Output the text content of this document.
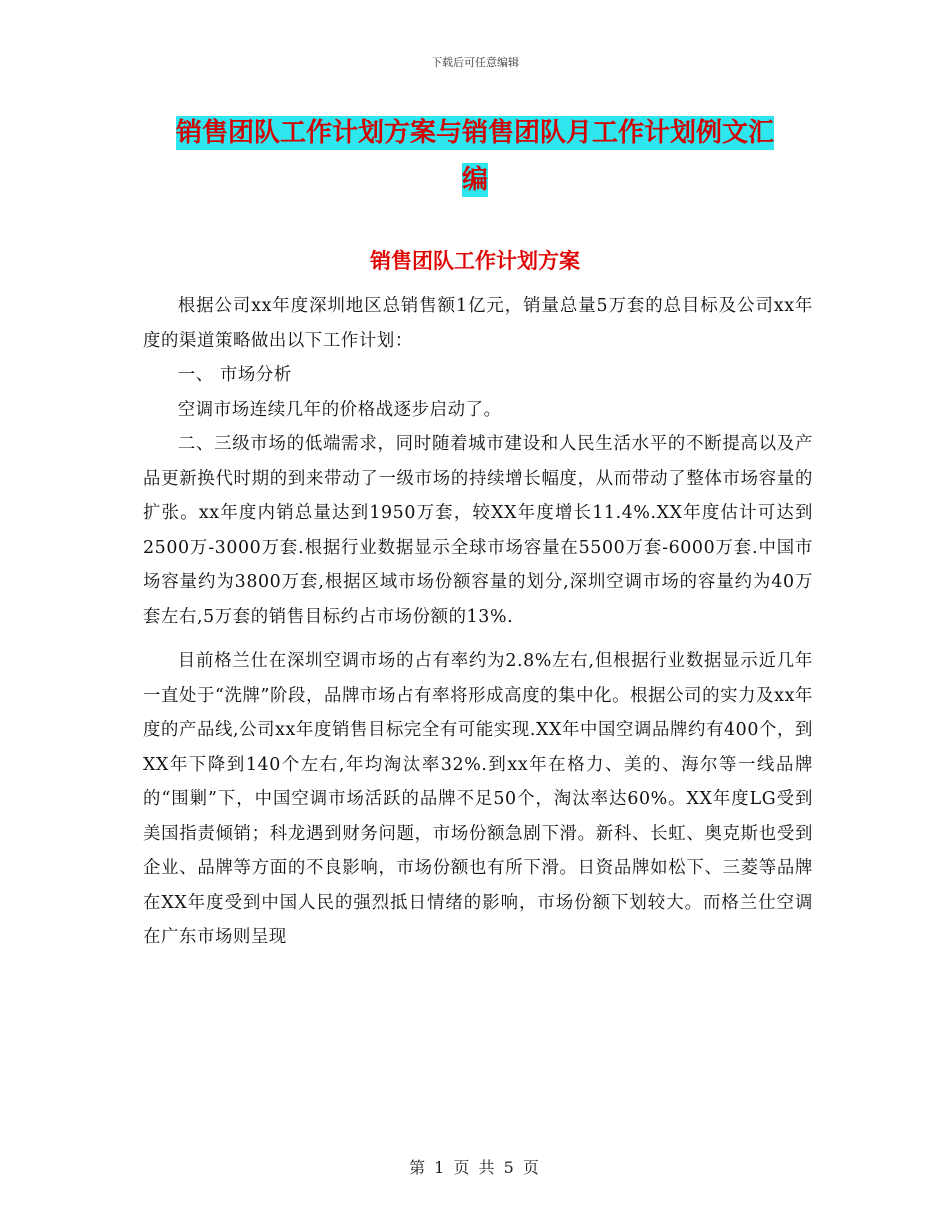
下载后可任意编辑
销售团队工作计划方案与销售团队月工作计划例文汇
编
销售团队工作计划方案

根据公司xx年度深圳地区总销售额1亿元，销量总量5万套的总目标及公司xx年度的渠道策略做出以下工作计划：

一、 市场分析

空调市场连续几年的价格战逐步启动了。

二、三级市场的低端需求，同时随着城市建设和人民生活水平的不断提高以及产品更新换代时期的到来带动了一级市场的持续增长幅度，从而带动了整体市场容量的扩张。xx年度内销总量达到1950万套，较XX年度增长11.4%.XX年度估计可达到2500万-3000万套.根据行业数据显示全球市场容量在5500万套-6000万套.中国市场容量约为3800万套,根据区域市场份额容量的划分,深圳空调市场的容量约为40万套左右,5万套的销售目标约占市场份额的13%.

目前格兰仕在深圳空调市场的占有率约为2.8%左右,但根据行业数据显示近几年一直处于“洗牌”阶段，品牌市场占有率将形成高度的集中化。根据公司的实力及xx年度的产品线,公司xx年度销售目标完全有可能实现.XX年中国空调品牌约有400个，到XX年下降到140个左右,年均淘汰率32%.到xx年在格力、美的、海尔等一线品牌的“围剿”下，中国空调市场活跃的品牌不足50个，淘汰率达60%。XX年度LG受到美国指责倾销；科龙遇到财务问题，市场份额急剧下滑。新科、长虹、奥克斯也受到企业、品牌等方面的不良影响，市场份额也有所下滑。日资品牌如松下、三菱等品牌在XX年度受到中国人民的强烈抵日情绪的影响，市场份额下划较大。而格兰仕空调在广东市场则呈现

第 1 页 共 5 页
